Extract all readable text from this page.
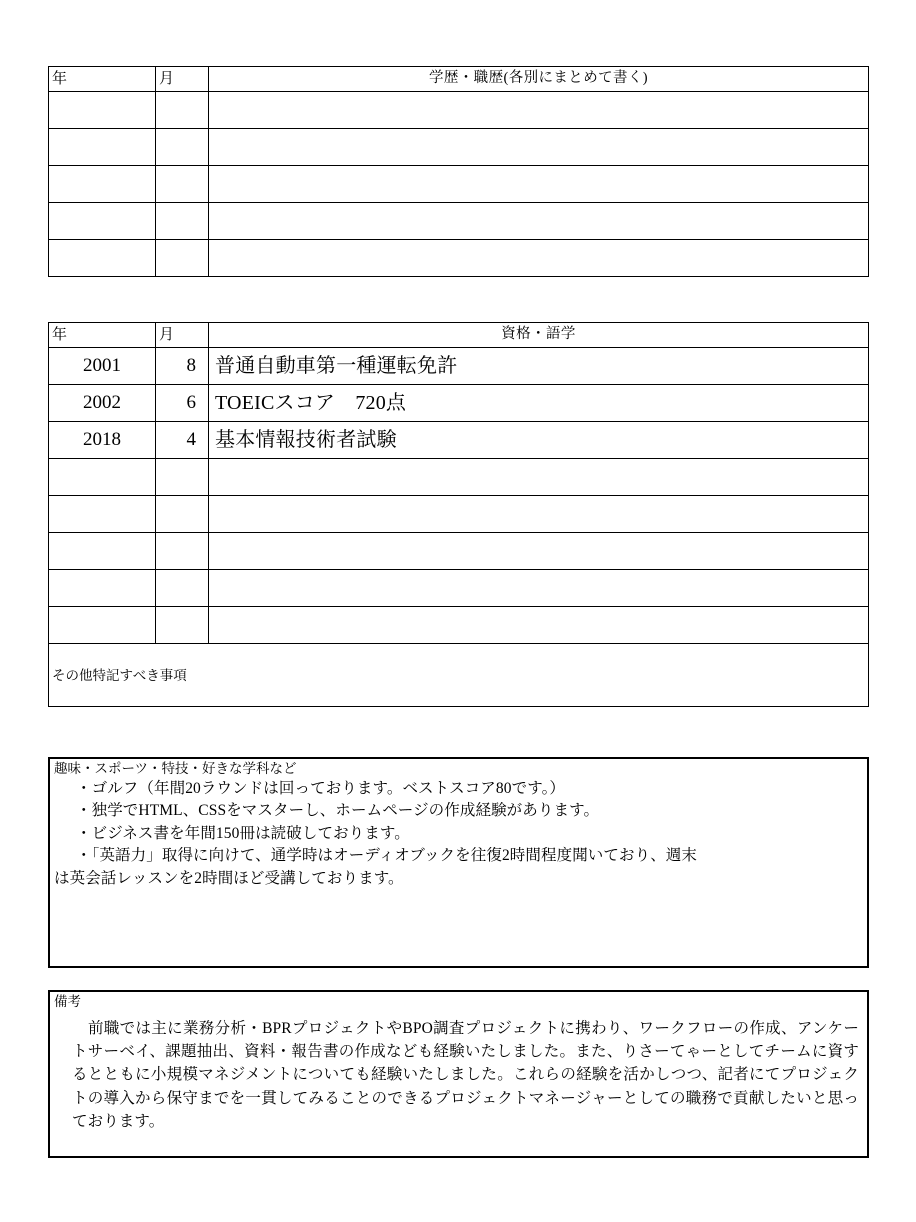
年	月	学歴・職歴(各別にまとめて書く)

年	月	資格・語学

2001	8	普通自動車第一種運転免許

2002	6	TOEICスコア　720点

2018	4	基本情報技術者試験

その他特記すべき事項		
趣味・スポーツ・特技・好きな学科など
・ゴルフ（年間20ラウンドは回っております。ベストスコア80です。）
・独学でHTML、CSSをマスターし、ホームページの作成経験があります。
・ビジネス書を年間150冊は読破しております。
・「英語力」取得に向けて、通学時はオーディオブックを往復2時間程度聞いており、週末
は英会話レッスンを2時間ほど受講しております。
備考

前職では主に業務分析・BPRプロジェクトやBPO調査プロジェクトに携わり、ワークフローの作成、アンケートサーベイ、課題抽出、資料・報告書の作成なども経験いたしました。また、りさーてゃーとしてチームに資するとともに小規模マネジメントについても経験いたしました。これらの経験を活かしつつ、記者にてプロジェクトの導入から保守までを一貫してみることのできるプロジェクトマネージャーとしての職務で貢献したいと思っております。
